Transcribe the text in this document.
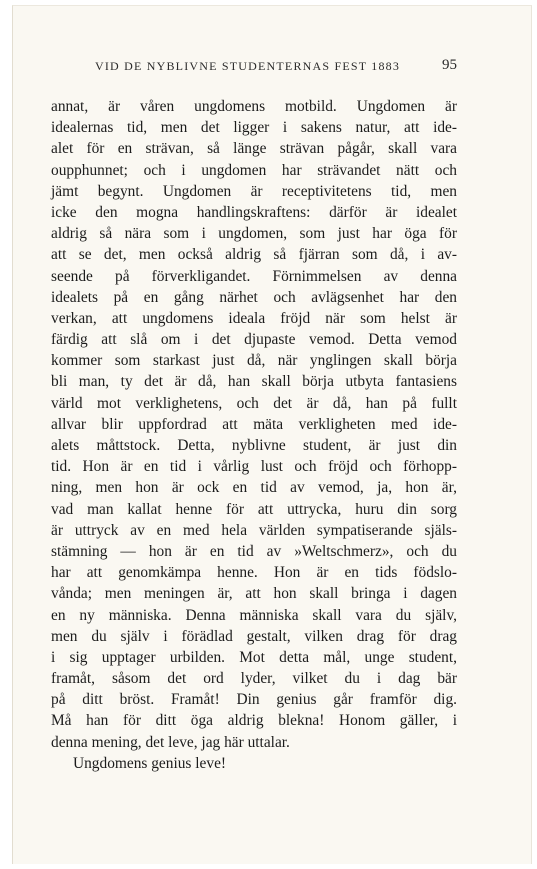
VID DE NYBLIVNE STUDENTERNAS FEST 1883	95
annat, är våren ungdomens motbild. Ungdomen är
idealernas tid, men det ligger i sakens natur, att ide-
alet för en strävan, så länge strävan pågår, skall vara
oupphunnet; och i ungdomen har strävandet nätt och
jämt begynt. Ungdomen är receptivitetens tid, men
icke den mogna handlingskraftens: därför är idealet
aldrig så nära som i ungdomen, som just har öga för
att se det, men också aldrig så fjärran som då, i av-
seende på förverkligandet. Förnimmelsen av denna
idealets på en gång närhet och avlägsenhet har den
verkan, att ungdomens ideala fröjd när som helst är
färdig att slå om i det djupaste vemod. Detta vemod
kommer som starkast just då, när ynglingen skall börja
bli man, ty det är då, han skall börja utbyta fantasiens
värld mot verklighetens, och det är då, han på fullt
allvar blir uppfordrad att mäta verkligheten med ide-
alets måttstock. Detta, nyblivne student, är just din
tid. Hon är en tid i vårlig lust och fröjd och förhopp-
ning, men hon är ock en tid av vemod, ja, hon är,
vad man kallat henne för att uttrycka, huru din sorg
är uttryck av en med hela världen sympatiserande själs-
stämning — hon är en tid av »Weltschmerz», och du
har att genomkämpa henne. Hon är en tids födslo-
vånda; men meningen är, att hon skall bringa i dagen
en ny människa. Denna människa skall vara du själv,
men du själv i förädlad gestalt, vilken drag för drag
i sig upptager urbilden. Mot detta mål, unge student,
framåt, såsom det ord lyder, vilket du i dag bär
på ditt bröst. Framåt! Din genius går framför dig.
Må han för ditt öga aldrig blekna! Honom gäller, i
denna mening, det leve, jag här uttalar.
Ungdomens genius leve!
